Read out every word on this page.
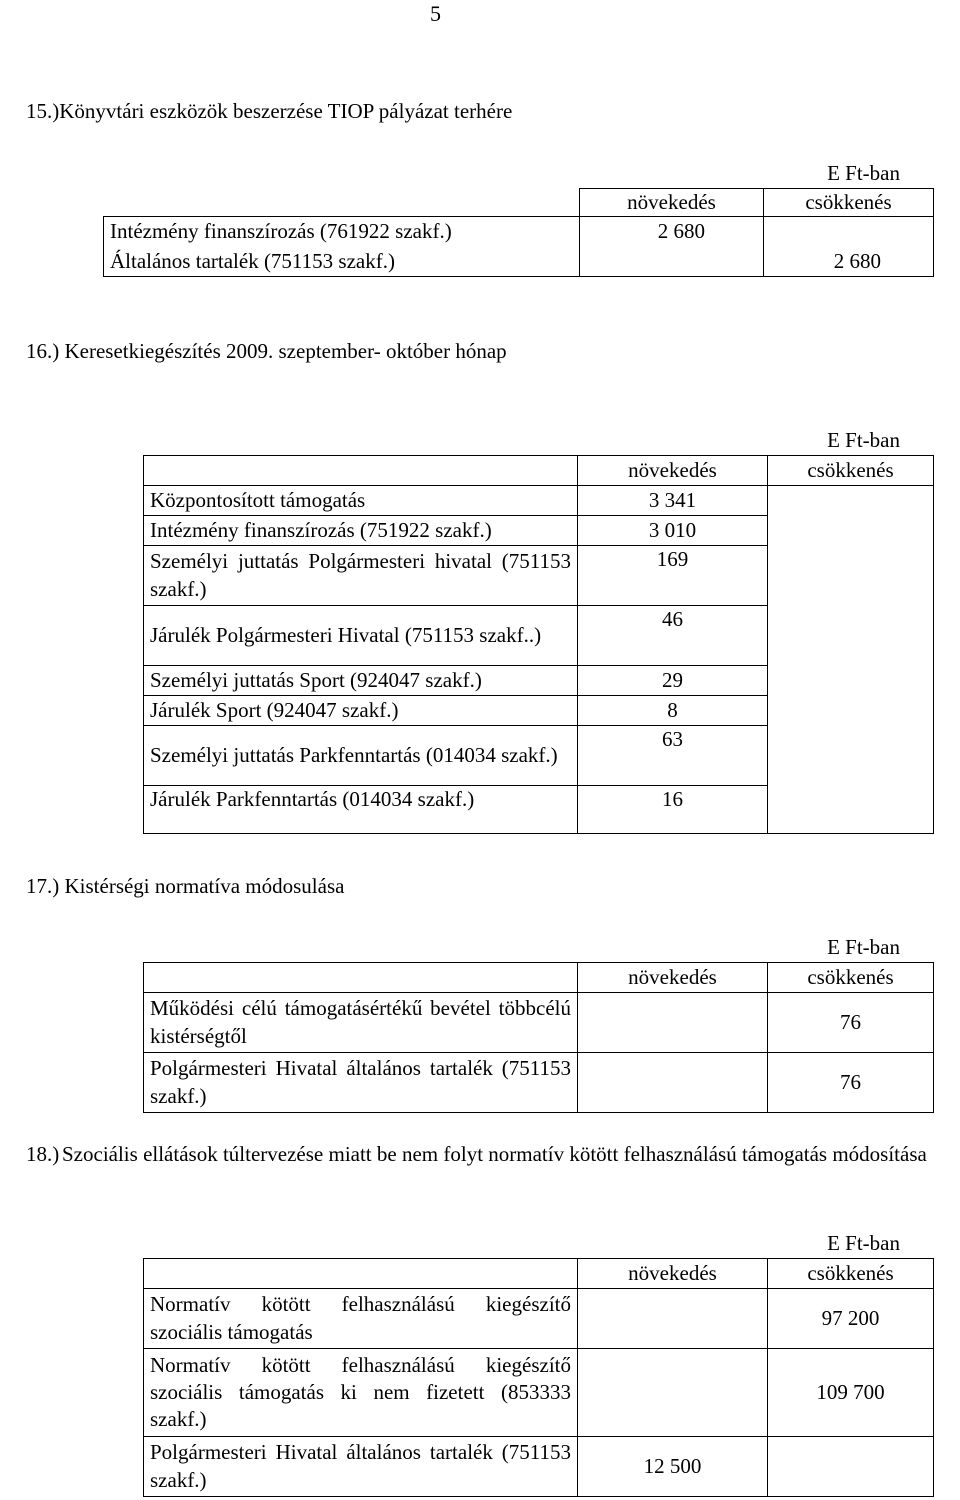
5
15.)Könyvtári eszközök beszerzése TIOP pályázat terhére
E Ft-ban
	növekedés	csökkenés
Intézmény finanszírozás (761922 szakf.)	2 680	
Általános tartalék (751153 szakf.)		2 680
16.) Keresetkiegészítés 2009. szeptember- október hónap
E Ft-ban
	növekedés	csökkenés
Központosított támogatás	3 341	
Intézmény finanszírozás (751922 szakf.)	3 010	
Személyi juttatás Polgármesteri hivatal (751153 szakf.)	169	
Járulék Polgármesteri Hivatal (751153 szakf..)	46	
Személyi juttatás Sport (924047 szakf.)	29	
Járulék Sport (924047 szakf.)	8	
Személyi juttatás Parkfenntartás (014034 szakf.)	63	
Járulék Parkfenntartás (014034 szakf.)	16	
17.) Kistérségi normatíva módosulása
E Ft-ban
	növekedés	csökkenés
Működési célú támogatásértékű bevétel többcélú kistérségtől		76
Polgármesteri Hivatal általános tartalék (751153 szakf.)		76
18.) Szociális ellátások túltervezése miatt be nem folyt normatív kötött felhasználású támogatás módosítása
E Ft-ban
	növekedés	csökkenés
Normatív kötött felhasználású kiegészítő szociális támogatás		97 200
Normatív kötött felhasználású kiegészítő szociális támogatás ki nem fizetett (853333 szakf.)		109 700
Polgármesteri Hivatal általános tartalék (751153 szakf.)	12 500	
